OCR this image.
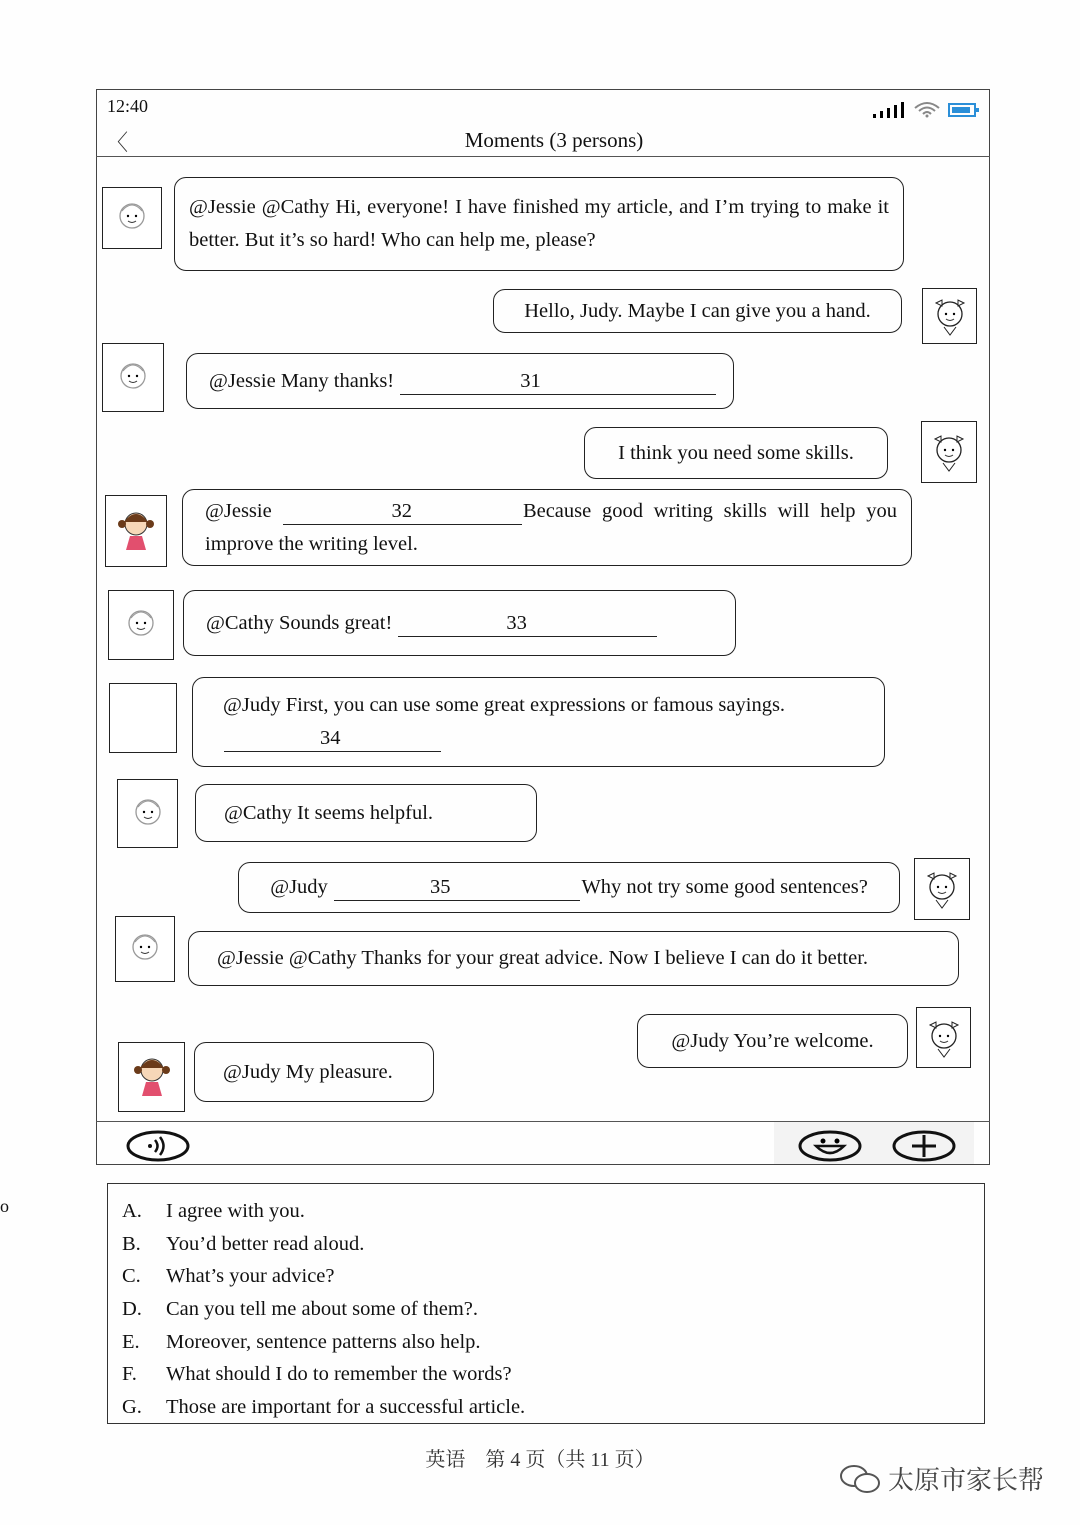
o
12:40
〈	Moments (3 persons)
@Jessie @Cathy Hi, everyone! I have finished my article, and I’m trying to make it better. But it’s so hard! Who can help me, please?
Hello, Judy. Maybe I can give you a hand.
@Jessie Many thanks!	31
I think you need some skills.
@Jessie	32	Because good writing skills will help you improve the writing level.
@Cathy Sounds great!	33
@Judy First, you can use some great expressions or famous sayings.
34
@Cathy It seems helpful.
@Judy	35	Why not try some good sentences?
@Jessie @Cathy Thanks for your great advice. Now I believe I can do it better.
@Judy You’re welcome.
@Judy My pleasure.
A.	I agree with you.
B.	You’d better read aloud.
C.	What’s your advice?
D.	Can you tell me about some of them?.
E.	Moreover, sentence patterns also help.
F.	What should I do to remember the words?
G.	Those are important for a successful article.
英语　第 4 页（共 11 页）
太原市家长帮
